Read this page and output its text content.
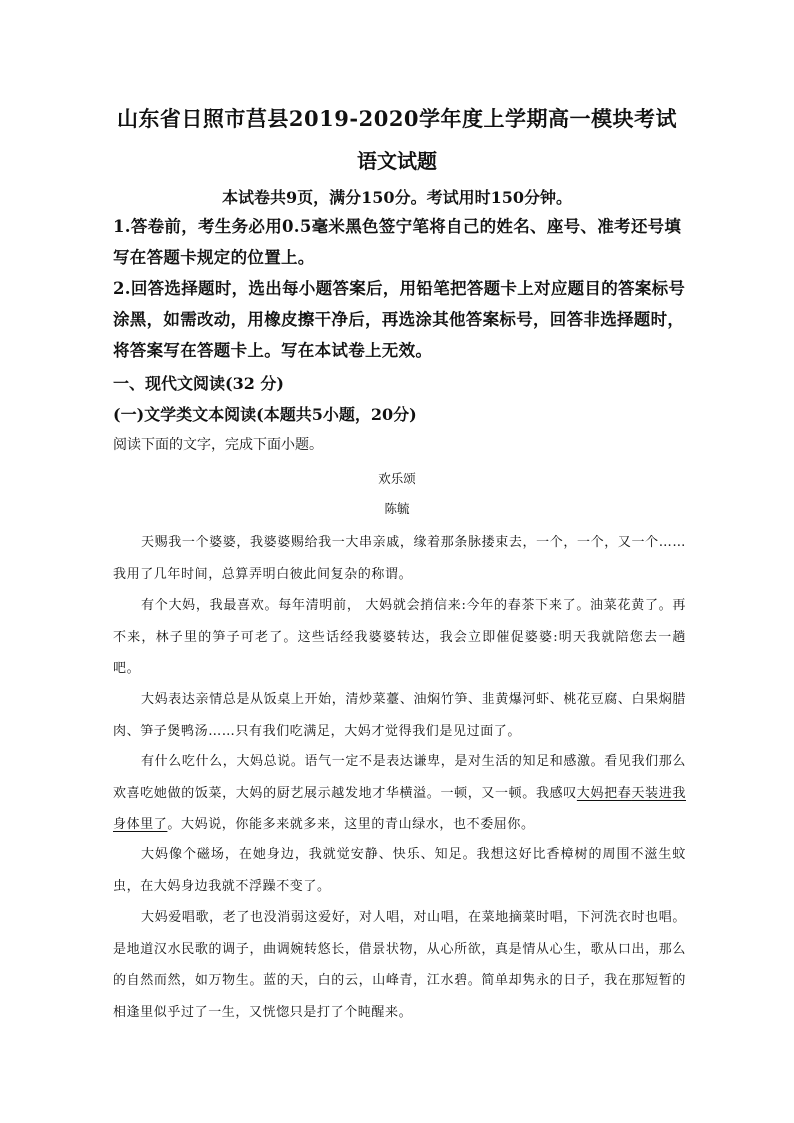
山东省日照市莒县2019-2020学年度上学期高一模块考试
语文试题
本试卷共9页，满分150分。考试用时150分钟。
1.答卷前，考生务必用0.5毫米黑色签宁笔将自己的姓名、座号、准考还号填写在答题卡规定的位置上。
2.回答选择题时，选出每小题答案后，用铅笔把答题卡上对应题目的答案标号涂黑，如需改动，用橡皮擦干净后，再选涂其他答案标号，回答非选择题时，将答案写在答题卡上。写在本试卷上无效。
一、现代文阅读(32 分)
(一)文学类文本阅读(本题共5小题，20分)
阅读下面的文字，完成下面小题。
欢乐颂
陈毓
天赐我一个婆婆，我婆婆赐给我一大串亲戚，缘着那条脉搂束去，一个，一个，又一个……我用了几年时间，总算弄明白彼此间复杂的称谓。
有个大妈，我最喜欢。每年清明前， 大妈就会捎信来:今年的春茶下来了。油菜花黄了。再不来，林子里的笋子可老了。这些话经我婆婆转达，我会立即催促婆婆:明天我就陪您去一趟吧。
大妈表达亲情总是从饭桌上开始，清炒菜薹、油焖竹笋、韭黄爆河虾、桃花豆腐、白果焖腊肉、笋子煲鸭汤……只有我们吃满足，大妈才觉得我们是见过面了。
有什么吃什么，大妈总说。语气一定不是表达谦卑，是对生活的知足和感激。看见我们那么欢喜吃她做的饭菜，大妈的厨艺展示越发地才华横溢。一顿，又一顿。我感叹大妈把春天装进我身体里了。大妈说，你能多来就多来，这里的青山绿水，也不委屈你。
大妈像个磁场，在她身边，我就觉安静、快乐、知足。我想这好比香樟树的周围不滋生蚊虫，在大妈身边我就不浮躁不变了。
大妈爱唱歌，老了也没消弱这爱好，对人唱，对山唱，在菜地摘菜时唱，下河洗衣时也唱。是地道汉水民歌的调子，曲调婉转悠长，借景状物，从心所欲，真是情从心生，歌从口出，那么的自然而然，如万物生。蓝的天，白的云，山峰青，江水碧。简单却隽永的日子，我在那短暂的相逢里似乎过了一生，又恍惚只是打了个盹醒来。
